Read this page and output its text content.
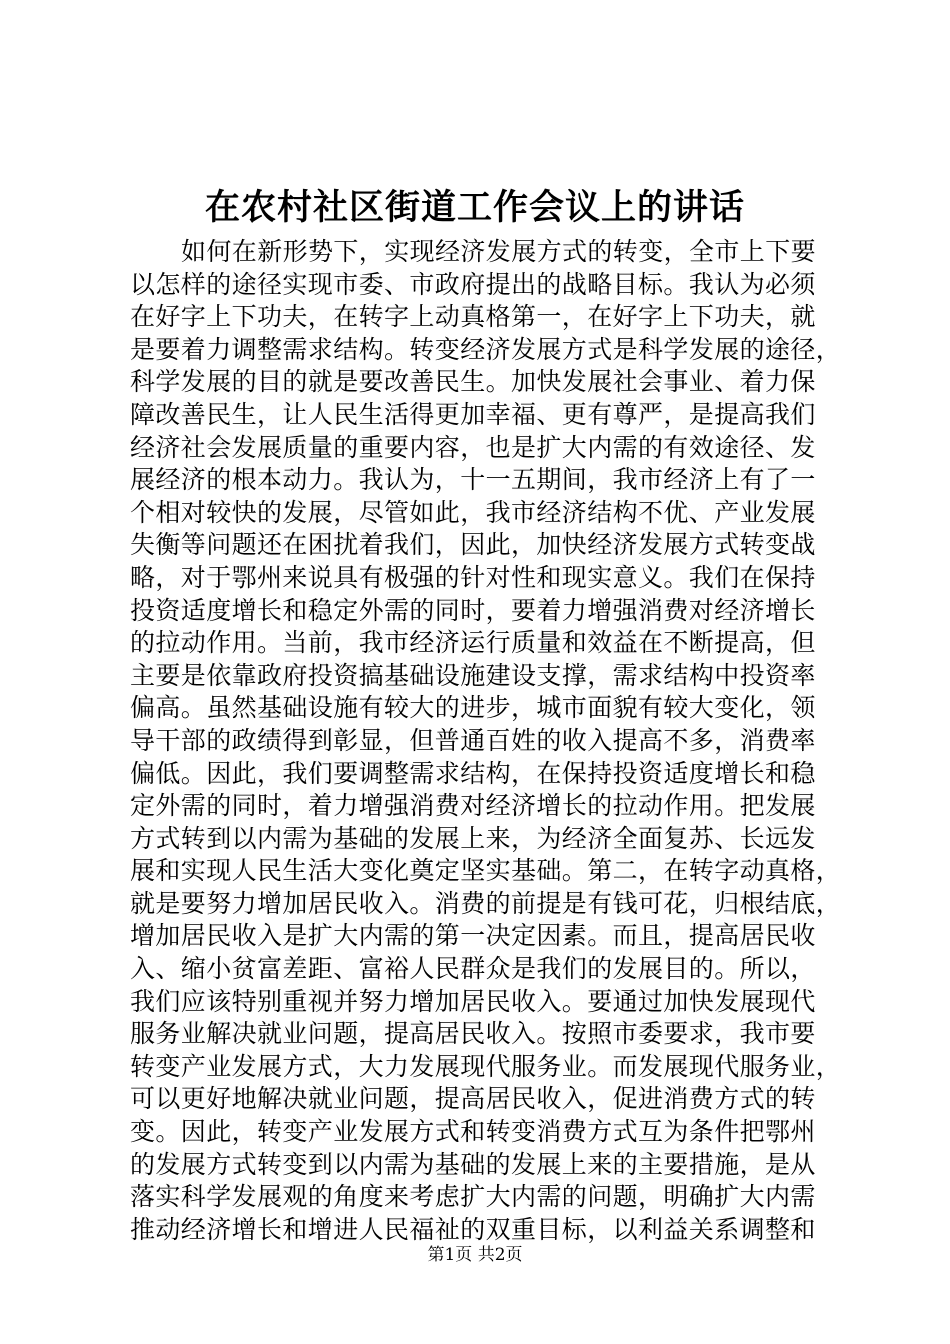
在农村社区街道工作会议上的讲话
如何在新形势下，实现经济发展方式的转变，全市上下要
以怎样的途径实现市委、市政府提出的战略目标。我认为必须
在好字上下功夫，在转字上动真格第一，在好字上下功夫，就
是要着力调整需求结构。转变经济发展方式是科学发展的途径，
科学发展的目的就是要改善民生。加快发展社会事业、着力保
障改善民生，让人民生活得更加幸福、更有尊严，是提高我们
经济社会发展质量的重要内容，也是扩大内需的有效途径、发
展经济的根本动力。我认为，十一五期间，我市经济上有了一
个相对较快的发展，尽管如此，我市经济结构不优、产业发展
失衡等问题还在困扰着我们，因此，加快经济发展方式转变战
略，对于鄂州来说具有极强的针对性和现实意义。我们在保持
投资适度增长和稳定外需的同时，要着力增强消费对经济增长
的拉动作用。当前，我市经济运行质量和效益在不断提高，但
主要是依靠政府投资搞基础设施建设支撑，需求结构中投资率
偏高。虽然基础设施有较大的进步，城市面貌有较大变化，领
导干部的政绩得到彰显，但普通百姓的收入提高不多，消费率
偏低。因此，我们要调整需求结构，在保持投资适度增长和稳
定外需的同时，着力增强消费对经济增长的拉动作用。把发展
方式转到以内需为基础的发展上来，为经济全面复苏、长远发
展和实现人民生活大变化奠定坚实基础。第二，在转字动真格，
就是要努力增加居民收入。消费的前提是有钱可花，归根结底，
增加居民收入是扩大内需的第一决定因素。而且，提高居民收
入、缩小贫富差距、富裕人民群众是我们的发展目的。所以，
我们应该特别重视并努力增加居民收入。要通过加快发展现代
服务业解决就业问题，提高居民收入。按照市委要求，我市要
转变产业发展方式，大力发展现代服务业。而发展现代服务业，
可以更好地解决就业问题，提高居民收入，促进消费方式的转
变。因此，转变产业发展方式和转变消费方式互为条件把鄂州
的发展方式转变到以内需为基础的发展上来的主要措施，是从
落实科学发展观的角度来考虑扩大内需的问题，明确扩大内需
推动经济增长和增进人民福祉的双重目标，以利益关系调整和
第1页 共2页
